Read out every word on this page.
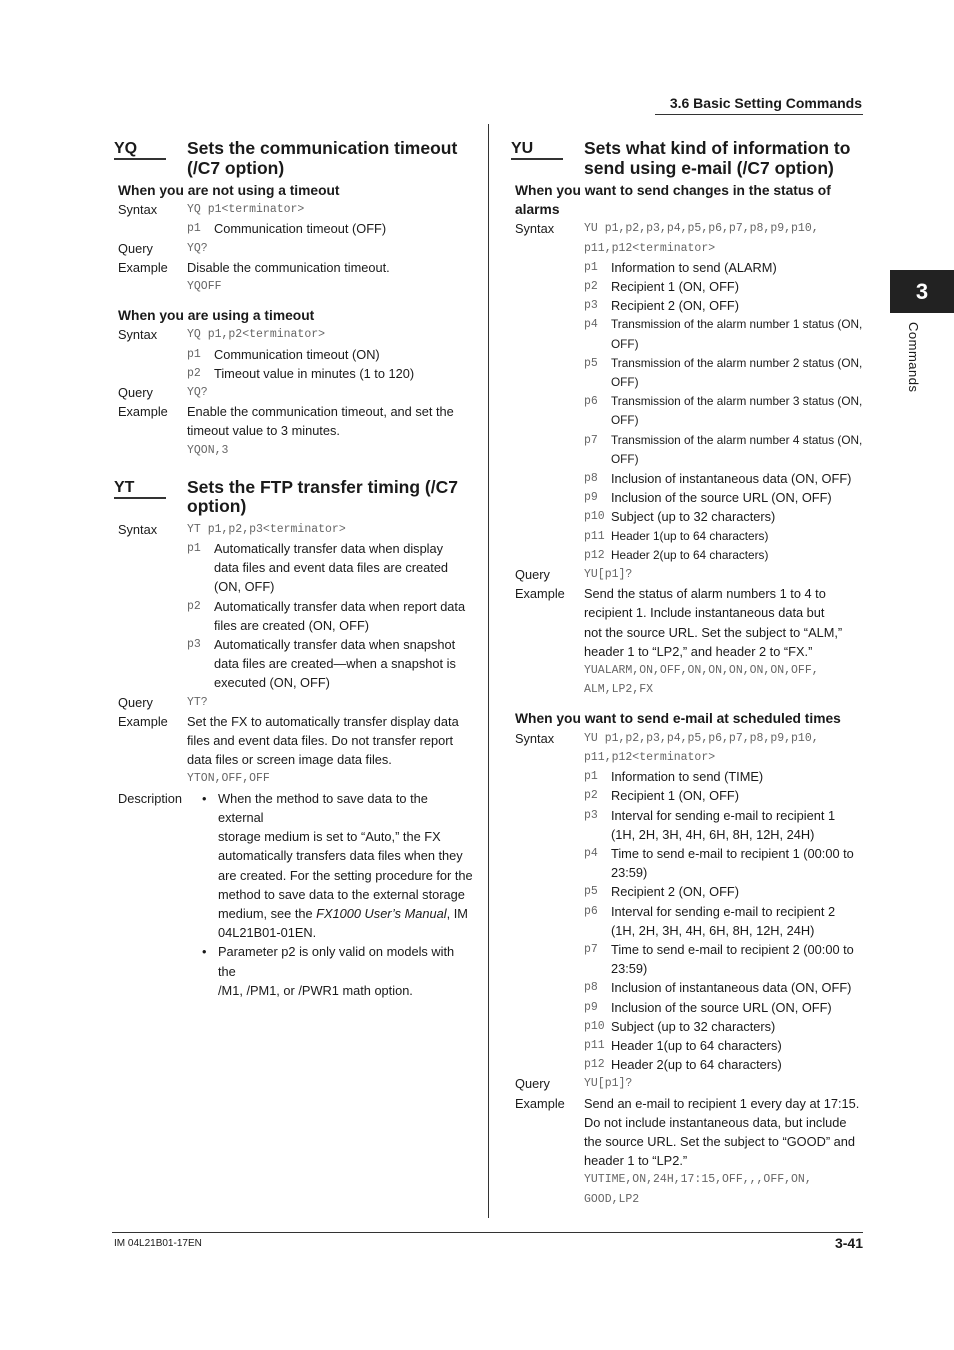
3.6 Basic Setting Commands
3
Commands
YQ	Sets the communication timeout
(/C7 option)
When you are not using a timeout
Syntax	YQ p1<terminator>
p1	Communication timeout (OFF)
Query	YQ?
Example	Disable the communication timeout.
YQOFF
When you are using a timeout
Syntax	YQ p1,p2<terminator>
p1	Communication timeout (ON)
p2	Timeout value in minutes (1 to 120)
Query	YQ?
Example	Enable the communication timeout, and set the
timeout value to 3 minutes.
YQON,3
YT	Sets the FTP transfer timing (/C7
option)
Syntax	YT p1,p2,p3<terminator>
p1	Automatically transfer data when display
data files and event data files are created
(ON, OFF)
p2	Automatically transfer data when report data
files are created (ON, OFF)
p3	Automatically transfer data when snapshot
data files are created—when a snapshot is
executed (ON, OFF)
Query	YT?
Example	Set the FX to automatically transfer display data
files and event data files. Do not transfer report
data files or screen image data files.
YTON,OFF,OFF
Description	• When the method to save data to the external
storage medium is set to “Auto,” the FX
automatically transfers data files when they
are created. For the setting procedure for the
method to save data to the external storage
medium, see the FX1000 User’s Manual, IM
04L21B01-01EN.
• Parameter p2 is only valid on models with the
/M1, /PM1, or /PWR1 math option.
YU	Sets what kind of information to
send using e-mail (/C7 option)
When you want to send changes in the status of
alarms
Syntax	YU p1,p2,p3,p4,p5,p6,p7,p8,p9,p10,
p11,p12<terminator>
p1	Information to send (ALARM)
p2	Recipient 1 (ON, OFF)
p3	Recipient 2 (ON, OFF)
p4	Transmission of the alarm number 1 status (ON,
OFF)
p5	Transmission of the alarm number 2 status (ON,
OFF)
p6	Transmission of the alarm number 3 status (ON,
OFF)
p7	Transmission of the alarm number 4 status (ON,
OFF)
p8	Inclusion of instantaneous data (ON, OFF)
p9	Inclusion of the source URL (ON, OFF)
p10 Subject (up to 32 characters)
p11 Header 1(up to 64 characters)
p12 Header 2(up to 64 characters)
Query	YU[p1]?
Example	Send the status of alarm numbers 1 to 4 to
recipient 1. Include instantaneous data but
not the source URL. Set the subject to “ALM,”
header 1 to “LP2,” and header 2 to “FX.”
YUALARM,ON,OFF,ON,ON,ON,ON,ON,OFF,
ALM,LP2,FX
When you want to send e-mail at scheduled times
Syntax	YU p1,p2,p3,p4,p5,p6,p7,p8,p9,p10,
p11,p12<terminator>
p1	Information to send (TIME)
p2	Recipient 1 (ON, OFF)
p3	Interval for sending e-mail to recipient 1
(1H, 2H, 3H, 4H, 6H, 8H, 12H, 24H)
p4	Time to send e-mail to recipient 1 (00:00 to
23:59)
p5	Recipient 2 (ON, OFF)
p6	Interval for sending e-mail to recipient 2
(1H, 2H, 3H, 4H, 6H, 8H, 12H, 24H)
p7	Time to send e-mail to recipient 2 (00:00 to
23:59)
p8	Inclusion of instantaneous data (ON, OFF)
p9	Inclusion of the source URL (ON, OFF)
p10 Subject (up to 32 characters)
p11 Header 1(up to 64 characters)
p12 Header 2(up to 64 characters)
Query	YU[p1]?
Example	Send an e-mail to recipient 1 every day at 17:15.
Do not include instantaneous data, but include
the source URL. Set the subject to “GOOD” and
header 1 to “LP2.”
YUTIME,ON,24H,17:15,OFF,,,OFF,ON,
GOOD,LP2
IM 04L21B01-17EN	3-41
